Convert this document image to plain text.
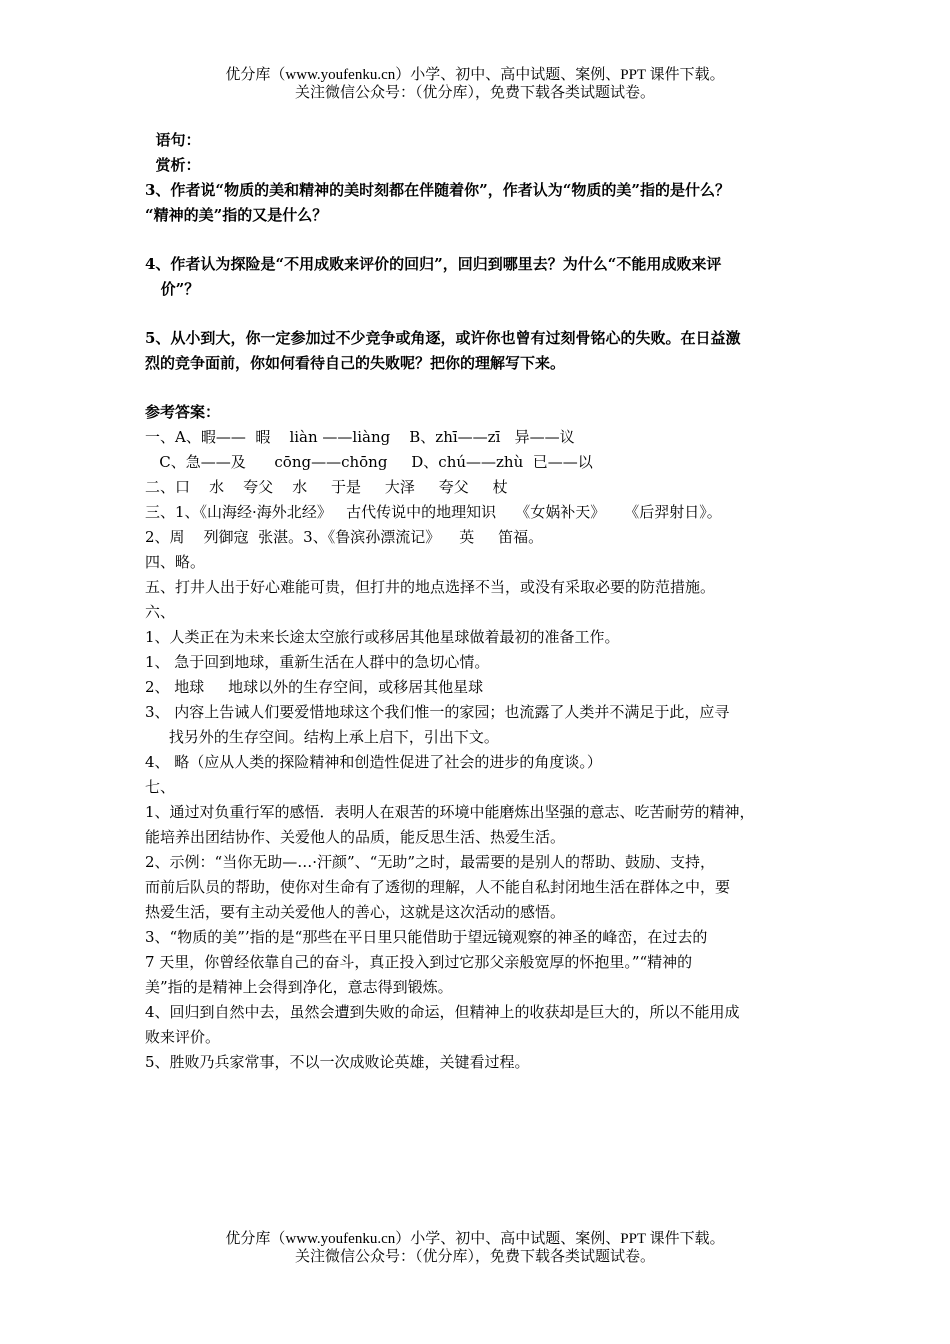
优分库（www.youfenku.cn）小学、初中、高中试题、案例、PPT 课件下载。
关注微信公众号：（优分库），免费下载各类试题试卷。
语句：
赏析：
3、作者说“物质的美和精神的美时刻都在伴随着你”，作者认为“物质的美”指的是什么？
“精神的美”指的又是什么？
4、作者认为探险是“不用成败来评价的回归”，回归到哪里去？为什么“不能用成败来评
价”？
5、从小到大，你一定参加过不少竞争或角逐，或许你也曾有过刻骨铭心的失败。在日益激
烈的竞争面前，你如何看待自己的失败呢？把你的理解写下来。
参考答案：
一、A、暇——  暇    liàn ——liàng    B、zhī——zī   异——议
C、急——及      cōng——chōng     D、chú——zhù  已——以
二、口    水    夸父    水     于是     大泽     夸父     杖
三、1、《山海经·海外北经》   古代传说中的地理知识    《女娲补天》    《后羿射日》。
2、周    列御寇  张湛。3、《鲁滨孙漂流记》    英     笛福。
四、略。
五、打井人出于好心难能可贵，但打井的地点选择不当，或没有采取必要的防范措施。
六、
1、人类正在为未来长途太空旅行或移居其他星球做着最初的准备工作。
1、 急于回到地球，重新生活在人群中的急切心情。
2、 地球     地球以外的生存空间，或移居其他星球
3、 内容上告诫人们要爱惜地球这个我们惟一的家园；也流露了人类并不满足于此，应寻
找另外的生存空间。结构上承上启下，引出下文。
4、 略（应从人类的探险精神和创造性促进了社会的进步的角度谈。）
七、
1、通过对负重行军的感悟．表明人在艰苦的环境中能磨炼出坚强的意志、吃苦耐劳的精神，
能培养出团结协作、关爱他人的品质，能反思生活、热爱生活。
2、示例：“当你无助—…·汗颜”、“无助”之时，最需要的是别人的帮助、鼓励、支持，
而前后队员的帮助，使你对生命有了透彻的理解，人不能自私封闭地生活在群体之中，要
热爱生活，要有主动关爱他人的善心，这就是这次活动的感悟。
3、“物质的美”’指的是“那些在平日里只能借助于望远镜观察的神圣的峰峦，在过去的
7 天里，你曾经依靠自己的奋斗，真正投入到过它那父亲般宽厚的怀抱里。”“精神的
美”指的是精神上会得到净化，意志得到锻炼。
4、回归到自然中去，虽然会遭到失败的命运，但精神上的收获却是巨大的，所以不能用成
败来评价。
5、胜败乃兵家常事，不以一次成败论英雄，关键看过程。
优分库（www.youfenku.cn）小学、初中、高中试题、案例、PPT 课件下载。
关注微信公众号：（优分库），免费下载各类试题试卷。
